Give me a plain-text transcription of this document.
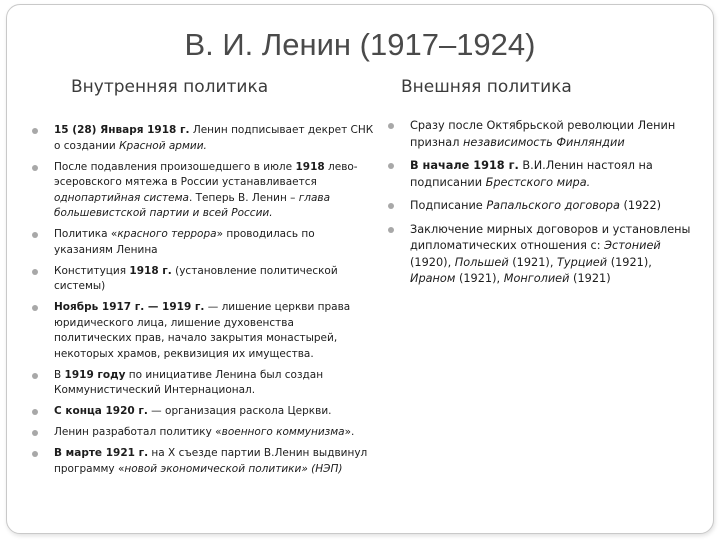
В. И. Ленин (1917–1924)
Внутренняя политика	Внешняя политика
15 (28) Января 1918 г. Ленин подписывает декрет СНК о создании Красной армии.
После подавления произошедшего в июле 1918 лево-эсеровского мятежа в России устанавливается однопартийная система. Теперь В. Ленин – глава большевистской партии и всей России.
Политика «красного террора» проводилась по указаниям Ленина
Конституция 1918 г. (установление политической системы)
Ноябрь 1917 г. — 1919 г. — лишение церкви права юридического лица, лишение духовенства политических прав, начало закрытия монастырей, некоторых храмов, реквизиция их имущества.
В 1919 году по инициативе Ленина был создан Коммунистический Интернационал.
С конца 1920 г. — организация раскола Церкви.
Ленин разработал политику «военного коммунизма».
В марте 1921 г. на X съезде партии В.Ленин выдвинул программу «новой экономической политики» (НЭП)
Сразу после Октябрьской революции Ленин признал независимость Финляндии
В начале 1918 г. В.И.Ленин настоял на подписании Брестского мира.
Подписание Рапальского договора (1922)
Заключение мирных договоров и установлены дипломатических отношения с: Эстонией (1920), Польшей (1921), Турцией (1921), Ираном (1921), Монголией (1921)
